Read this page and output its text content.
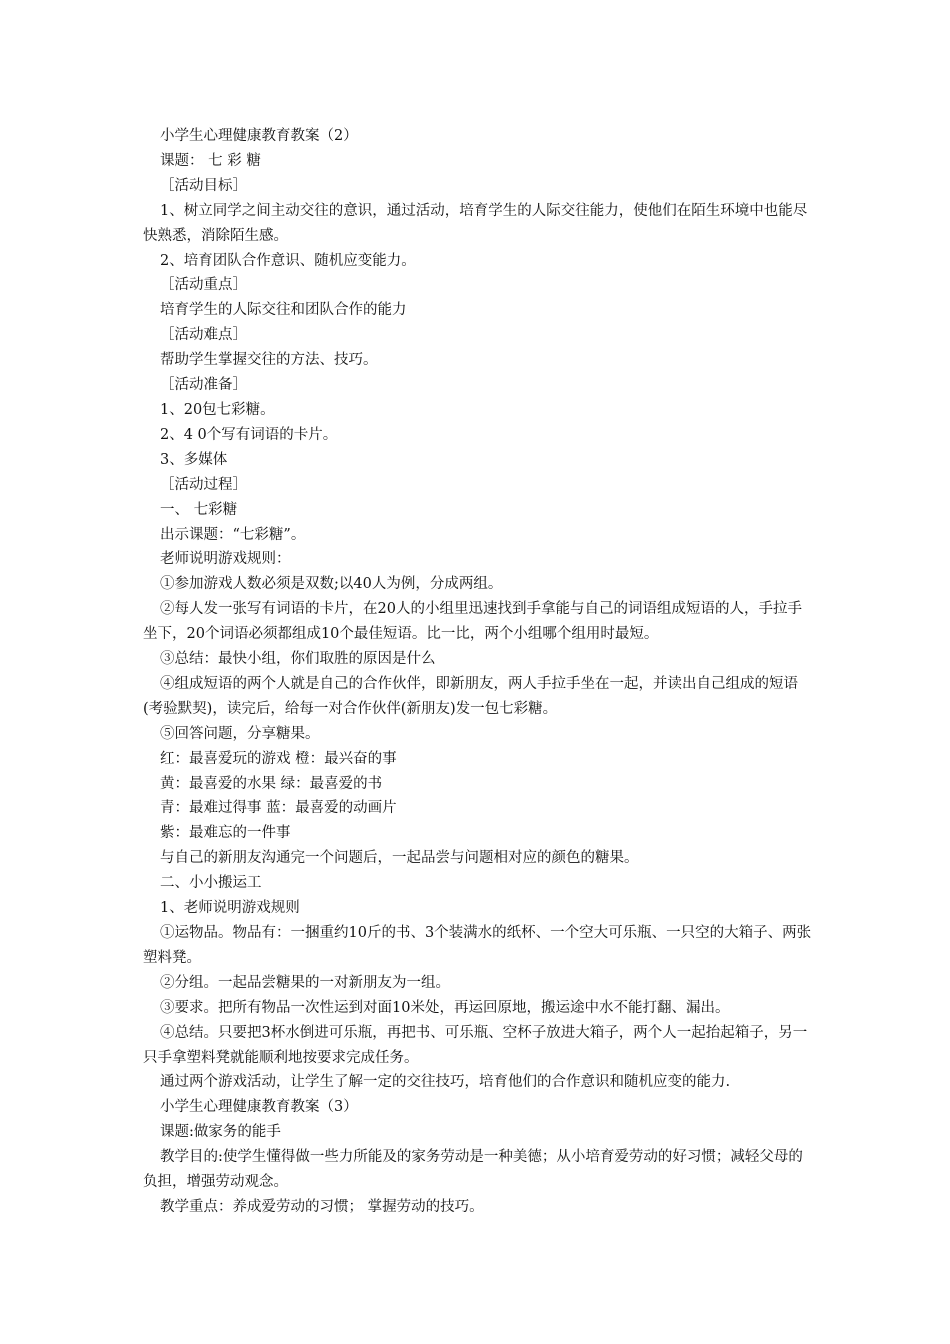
小学生心理健康教育教案（2）

课题： 七 彩 糖

［活动目标］

1、树立同学之间主动交往的意识，通过活动，培育学生的人际交往能力，使他们在陌生环境中也能尽快熟悉，消除陌生感。

2、培育团队合作意识、随机应变能力。

［活动重点］

培育学生的人际交往和团队合作的能力

［活动难点］

帮助学生掌握交往的方法、技巧。

［活动准备］

1、20包七彩糖。

2、4 0个写有词语的卡片。

3、多媒体

［活动过程］

一、 七彩糖

出示课题：“七彩糖”。

老师说明游戏规则：

①参加游戏人数必须是双数;以40人为例，分成两组。

②每人发一张写有词语的卡片，在20人的小组里迅速找到手拿能与自己的词语组成短语的人，手拉手坐下，20个词语必须都组成10个最佳短语。比一比，两个小组哪个组用时最短。

③总结：最快小组，你们取胜的原因是什么

④组成短语的两个人就是自己的合作伙伴，即新朋友，两人手拉手坐在一起，并读出自己组成的短语(考验默契)，读完后，给每一对合作伙伴(新朋友)发一包七彩糖。

⑤回答问题，分享糖果。

红：最喜爱玩的游戏 橙：最兴奋的事

黄：最喜爱的水果 绿：最喜爱的书

青：最难过得事 蓝：最喜爱的动画片

紫：最难忘的一件事

与自己的新朋友沟通完一个问题后，一起品尝与问题相对应的颜色的糖果。

二、小小搬运工

1、老师说明游戏规则

①运物品。物品有：一捆重约10斤的书、3个装满水的纸杯、一个空大可乐瓶、一只空的大箱子、两张塑料凳。

②分组。一起品尝糖果的一对新朋友为一组。

③要求。把所有物品一次性运到对面10米处，再运回原地，搬运途中水不能打翻、漏出。

④总结。只要把3杯水倒进可乐瓶，再把书、可乐瓶、空杯子放进大箱子，两个人一起抬起箱子，另一只手拿塑料凳就能顺利地按要求完成任务。

通过两个游戏活动，让学生了解一定的交往技巧，培育他们的合作意识和随机应变的能力.

小学生心理健康教育教案（3）

课题:做家务的能手

教学目的:使学生懂得做一些力所能及的家务劳动是一种美德；从小培育爱劳动的好习惯；减轻父母的负担，增强劳动观念。

教学重点：养成爱劳动的习惯； 掌握劳动的技巧。
